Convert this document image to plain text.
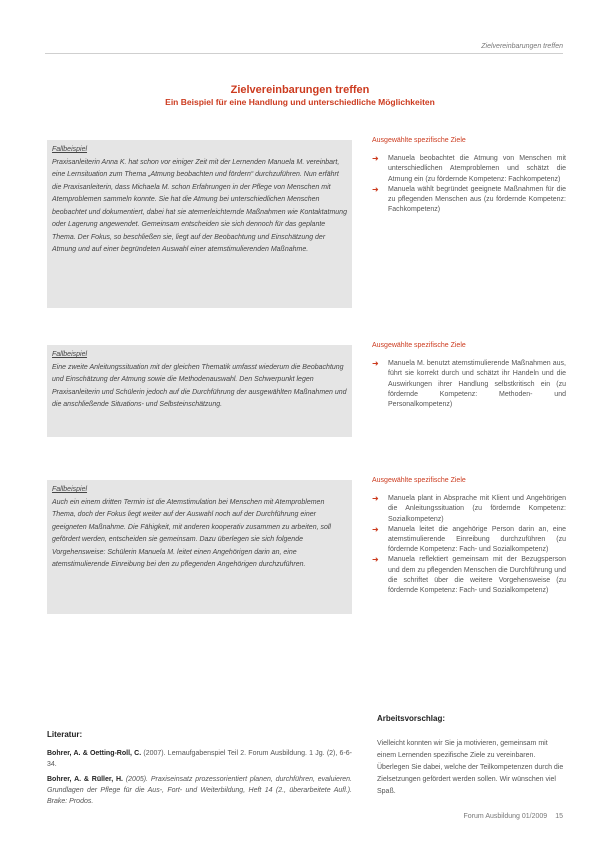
Zielvereinbarungen treffen
Zielvereinbarungen treffen
Ein Beispiel für eine Handlung und unterschiedliche Möglichkeiten
Fallbeispiel
Praxisanleiterin Anna K. hat schon vor einiger Zeit mit der Lernenden Manuela M. vereinbart, eine Lernsituation zum Thema „Atmung beobachten und fördern“ durchzuführen. Nun erfährt die Praxisanleiterin, dass Michaela M. schon Erfahrungen in der Pflege von Menschen mit Atemproblemen sammeln konnte. Sie hat die Atmung bei unterschiedlichen Menschen beobachtet und dokumentiert, dabei hat sie atemerleichternde Maßnahmen wie Kontaktatmung oder Lagerung angewendet. Gemeinsam entscheiden sie sich dennoch für das geplante Thema. Der Fokus, so beschließen sie, liegt auf der Beobachtung und Einschätzung der Atmung und auf einer begründeten Auswahl einer atemstimulierenden Maßnahme.
Ausgewählte spezifische Ziele
➜ Manuela beobachtet die Atmung von Menschen mit unterschiedlichen Atemproblemen und schätzt die Atmung ein (zu fördernde Kompetenz: Fachkompetenz)
➜ Manuela wählt begründet geeignete Maßnahmen für die zu pflegenden Menschen aus (zu fördernde Kompetenz: Fachkompetenz)
Fallbeispiel
Eine zweite Anleitungssituation mit der gleichen Thematik umfasst wiederum die Beobachtung und Einschätzung der Atmung sowie die Methodenauswahl. Den Schwerpunkt legen Praxisanleiterin und Schülerin jedoch auf die Durchführung der ausgewählten Maßnahmen und die anschließende Situations- und Selbsteinschätzung.
Ausgewählte spezifische Ziele
➜ Manuela M. benutzt atemstimulierende Maßnahmen aus, führt sie korrekt durch und schätzt ihr Handeln und die Auswirkungen ihrer Handlung selbstkritisch ein (zu fördernde Kompetenz: Methoden- und Personalkompetenz)
Fallbeispiel
Auch ein einem dritten Termin ist die Atemstimulation bei Menschen mit Atemproblemen Thema, doch der Fokus liegt weiter auf der Auswahl noch auf der Durchführung einer geeigneten Maßnahme. Die Fähigkeit, mit anderen kooperativ zusammen zu arbeiten, soll gefördert werden, entscheiden sie gemeinsam. Dazu überlegen sie sich folgende Vorgehensweise: Schülerin Manuela M. leitet einen Angehörigen darin an, eine atemstimulierende Einreibung bei den zu pflegenden Angehörigen durchzuführen.
Ausgewählte spezifische Ziele
➜ Manuela plant in Absprache mit Klient und Angehörigen die Anleitungssituation (zu fördernde Kompetenz: Sozialkompetenz)
➜ Manuela leitet die angehörige Person darin an, eine atemstimulierende Einreibung durchzuführen (zu fördernde Kompetenz: Fach- und Sozialkompetenz)
➜ Manuela reflektiert gemeinsam mit der Bezugsperson und dem zu pflegenden Menschen die Durchführung und die schriftet über die weitere Vorgehensweise (zu fördernde Kompetenz: Fach- und Sozialkompetenz)
Literatur:
Bohrer, A. & Oetting-Roll, C. (2007). Lernaufgabenspiel Teil 2. Forum Ausbildung. 1 Jg. (2), 6-6-34.
Bohrer, A. & Rüller, H. (2005). Praxiseinsatz prozessorientiert planen, durchführen, evaluieren. Grundlagen der Pflege für die Aus-, Fort- und Weiterbildung, Heft 14 (2., überarbeitete Aufl.). Brake: Prodos.
Arbeitsvorschlag:
Vielleicht konnten wir Sie ja motivieren, gemeinsam mit einem Lernenden spezifische Ziele zu vereinbaren. Überlegen Sie dabei, welche der Teilkompetenzen durch die Zielsetzungen gefördert werden sollen. Wir wünschen viel Spaß.
Forum Ausbildung 01/2009 15
